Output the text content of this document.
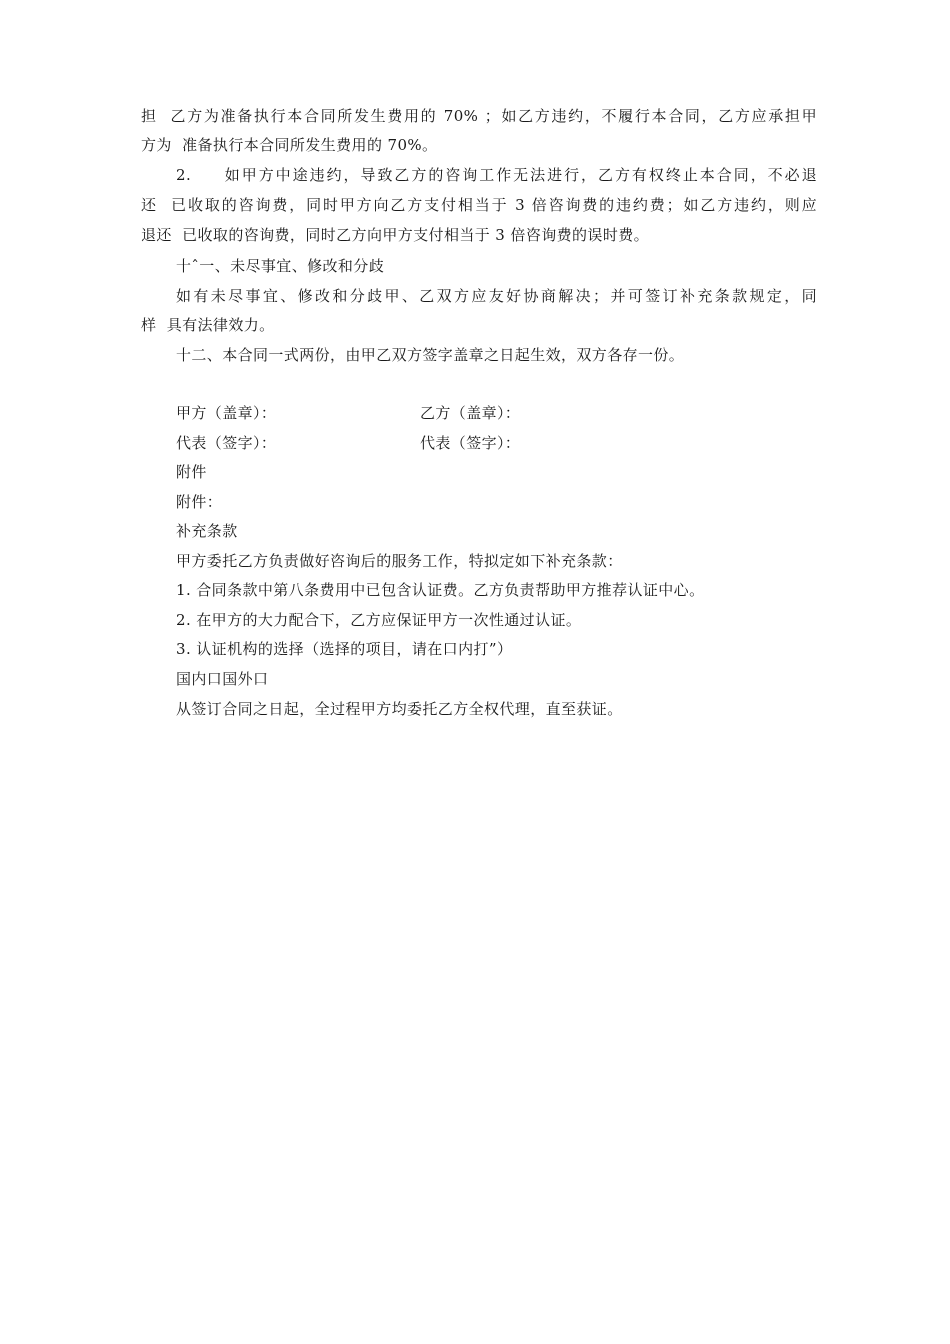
担  乙方为准备执行本合同所发生费用的 70% ；如乙方违约，不履行本合同，乙方应承担甲
方为  准备执行本合同所发生费用的 70%。
2.     如甲方中途违约，导致乙方的咨询工作无法进行，乙方有权终止本合同，不必退
还  已收取的咨询费，同时甲方向乙方支付相当于 3 倍咨询费的违约费；如乙方违约，则应
退还  已收取的咨询费，同时乙方向甲方支付相当于 3 倍咨询费的误时费。
十ˆ一、未尽事宜、修改和分歧
如有未尽事宜、修改和分歧甲、乙双方应友好协商解决；并可签订补充条款规定，同
样  具有法律效力。
十二、本合同一式两份，由甲乙双方签字盖章之日起生效，双方各存一份。
甲方（盖章）：	乙方（盖章）：
代表（签字）：	代表（签字）：
附件
附件：
补充条款
甲方委托乙方负责做好咨询后的服务工作，特拟定如下补充条款：
1. 合同条款中第八条费用中已包含认证费。乙方负责帮助甲方推荐认证中心。
2. 在甲方的大力配合下，乙方应保证甲方一次性通过认证。
3. 认证机构的选择（选择的项目，请在口内打”）
国内口国外口
从签订合同之日起，全过程甲方均委托乙方全权代理，直至获证。
